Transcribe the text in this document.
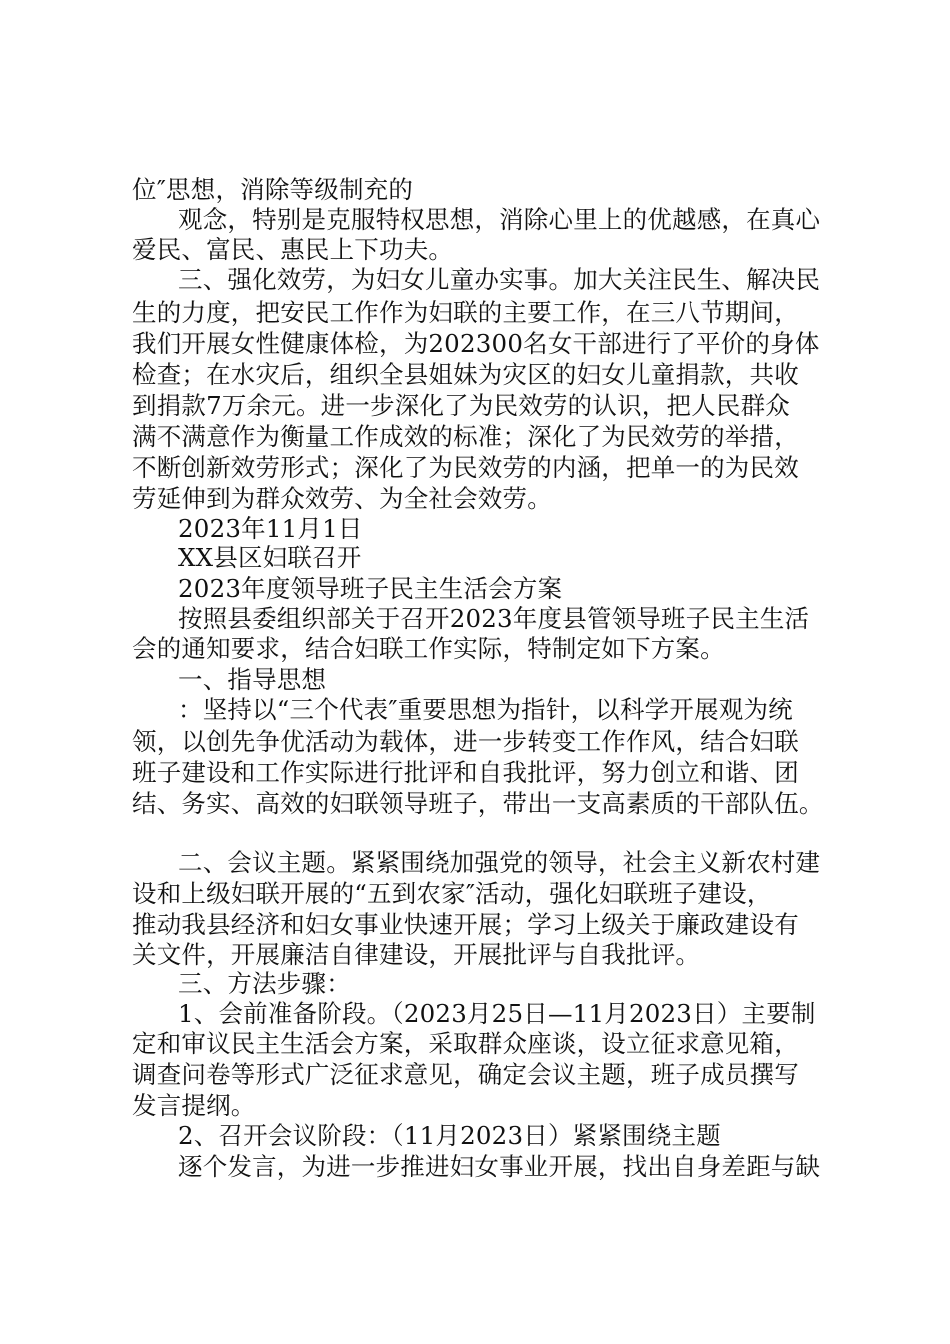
位″思想，消除等级制充的
观念，特别是克服特权思想，消除心里上的优越感，在真心
爱民、富民、惠民上下功夫。
三、强化效劳，为妇女儿童办实事。加大关注民生、解决民
生的力度，把安民工作作为妇联的主要工作，在三八节期间，
我们开展女性健康体检，为202300名女干部进行了平价的身体
检查；在水灾后，组织全县姐妹为灾区的妇女儿童捐款，共收
到捐款7万余元。进一步深化了为民效劳的认识，把人民群众
满不满意作为衡量工作成效的标准；深化了为民效劳的举措，
不断创新效劳形式；深化了为民效劳的内涵，把单一的为民效
劳延伸到为群众效劳、为全社会效劳。
2023年11月1日
XX县区妇联召开
2023年度领导班子民主生活会方案
按照县委组织部关于召开2023年度县管领导班子民主生活
会的通知要求，结合妇联工作实际，特制定如下方案。
一、指导思想
：坚持以“三个代表″重要思想为指针，以科学开展观为统
领，以创先争优活动为载体，进一步转变工作作风，结合妇联
班子建设和工作实际进行批评和自我批评，努力创立和谐、团
结、务实、高效的妇联领导班子，带出一支高素质的干部队伍。
二、会议主题。紧紧围绕加强党的领导，社会主义新农村建
设和上级妇联开展的“五到农家″活动，强化妇联班子建设，
推动我县经济和妇女事业快速开展；学习上级关于廉政建设有
关文件，开展廉洁自律建设，开展批评与自我批评。
三、方法步骤：
1、会前准备阶段。（2023月25日—11月2023日）主要制
定和审议民主生活会方案，采取群众座谈，设立征求意见箱，
调查问卷等形式广泛征求意见，确定会议主题，班子成员撰写
发言提纲。
2、召开会议阶段：（11月2023日）紧紧围绕主题
逐个发言，为进一步推进妇女事业开展，找出自身差距与缺
